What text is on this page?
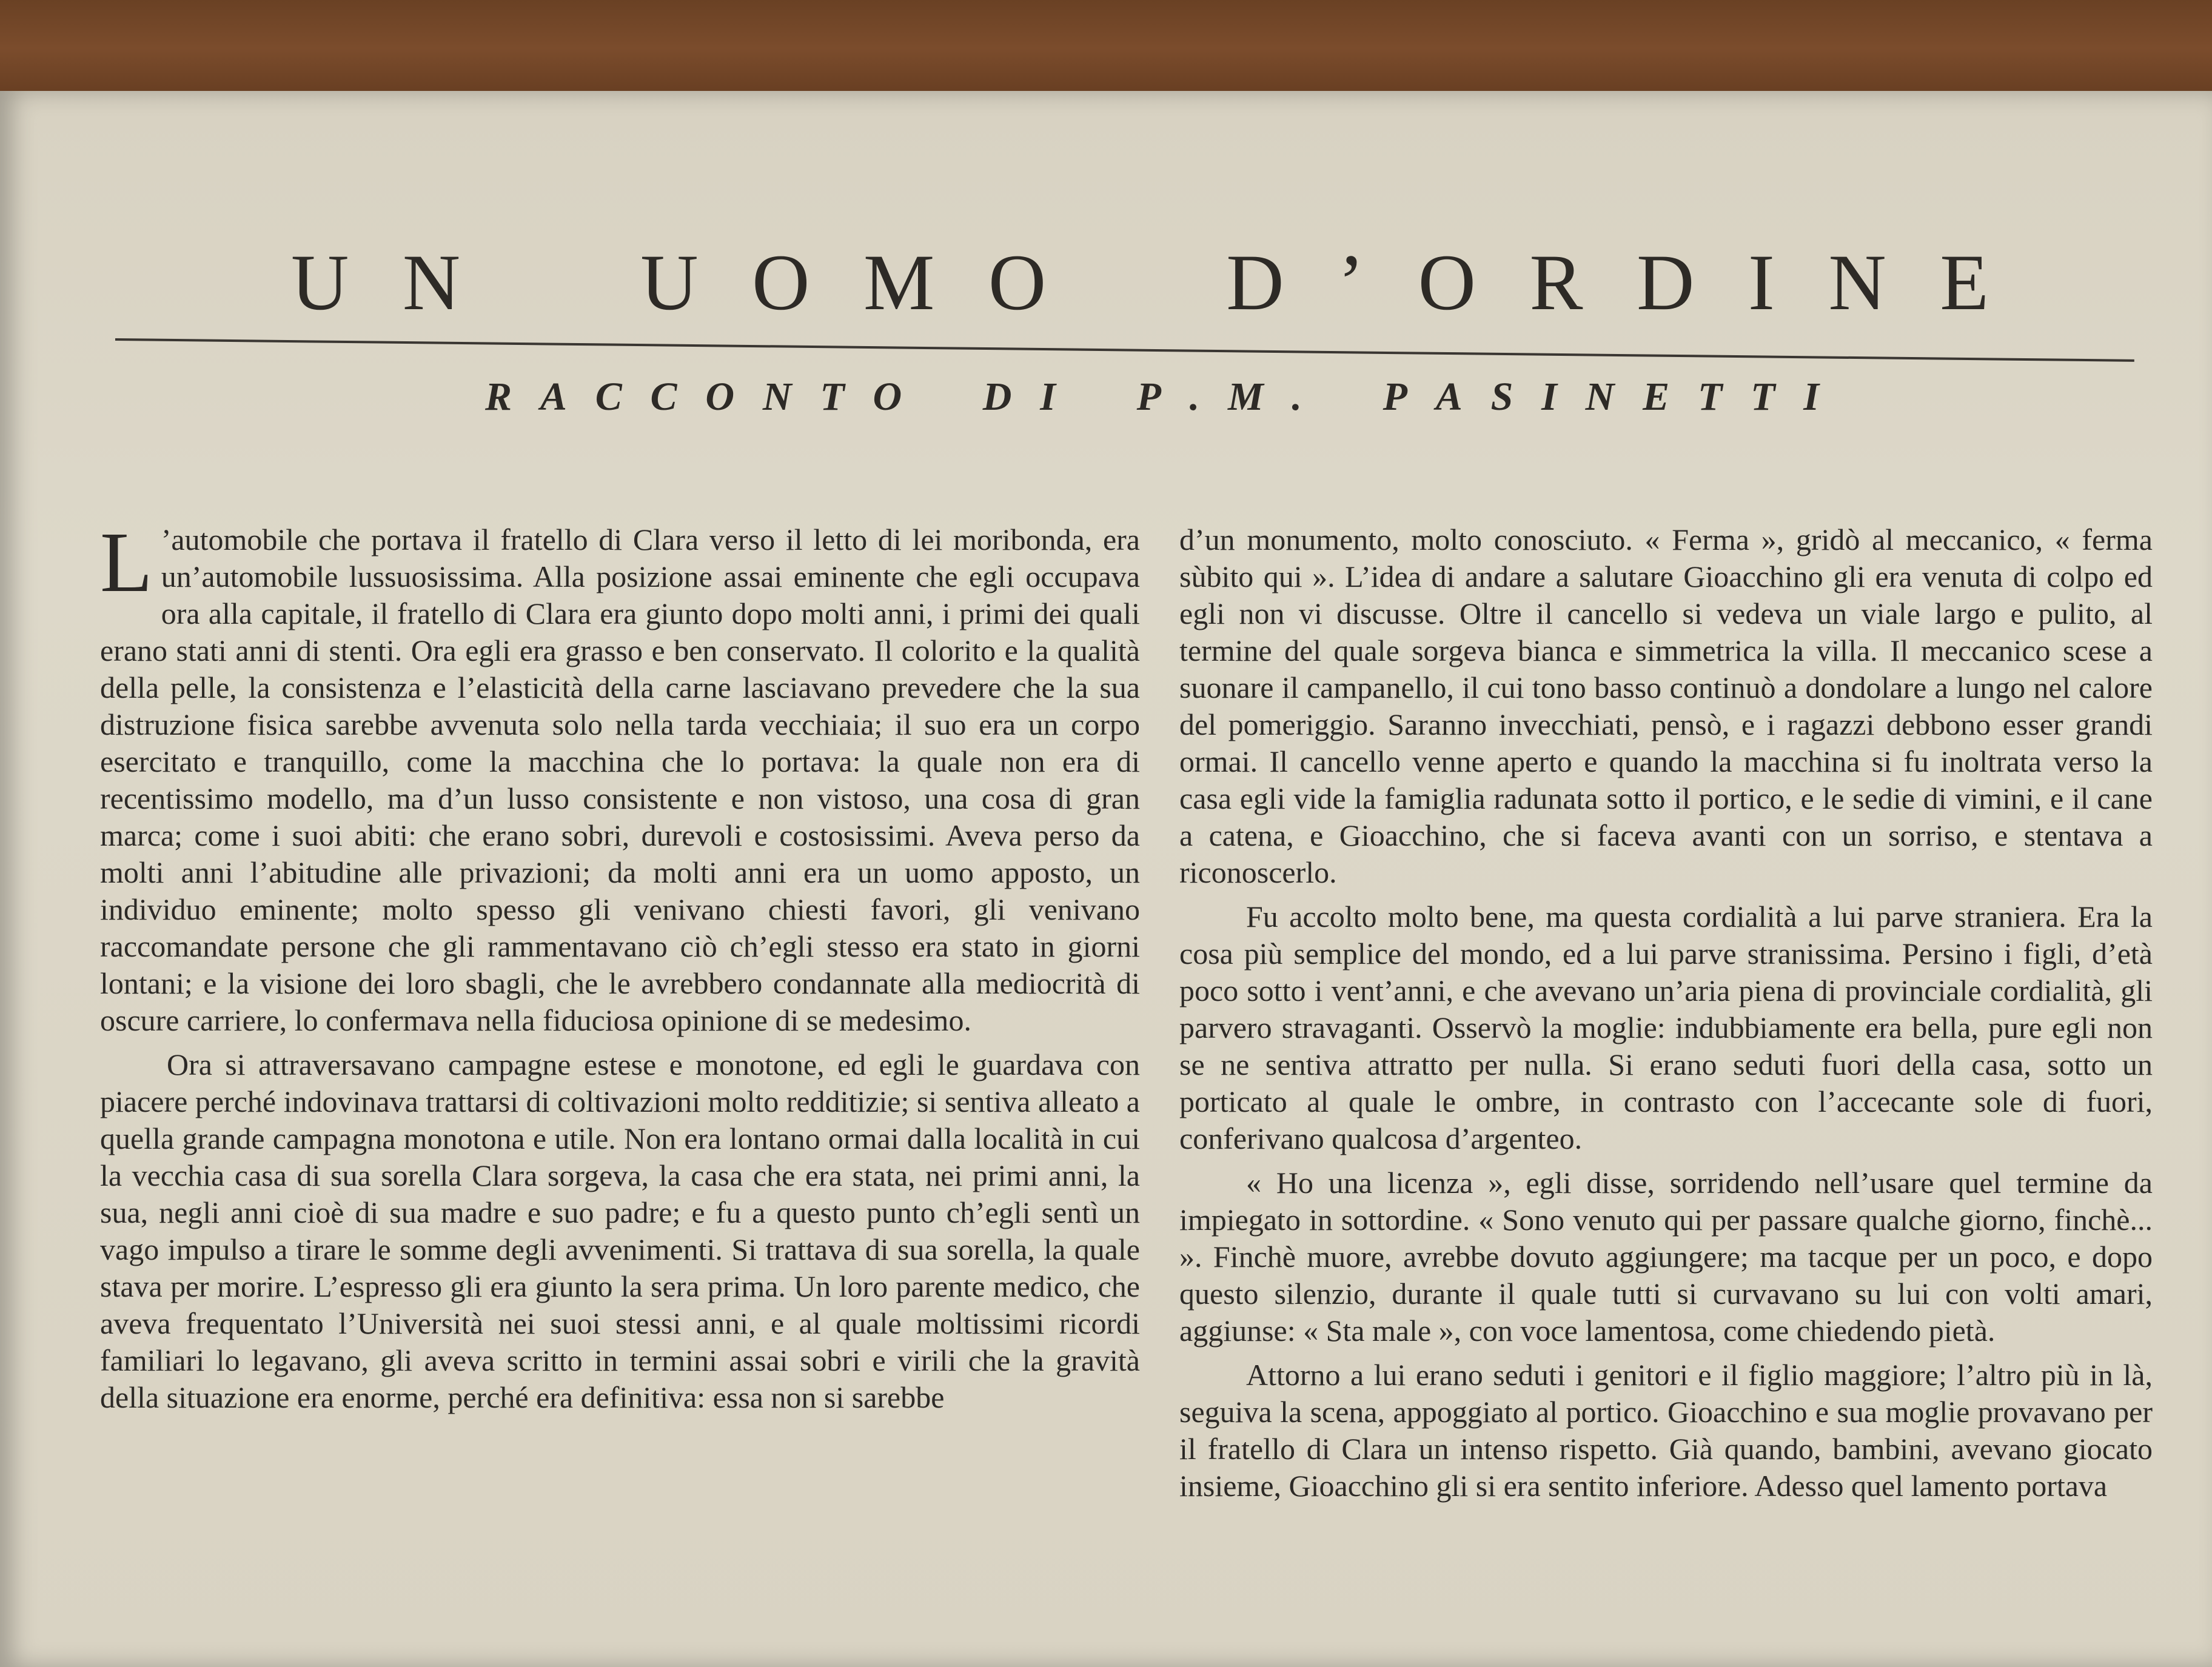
U N U O M O D ’ O R D I N E
R A C C O N T O D I P . M . P A S I N E T T I

L ’automobile che portava il fratello di Clara verso il letto di lei moribonda, era un’automobile lussuosissima. Alla posizione assai eminente che egli occupava ora alla capitale, il fratello di Clara era giunto dopo molti anni, i primi dei quali erano stati anni di stenti. Ora egli era grasso e ben conservato. Il colorito e la qualità della pelle, la consistenza e l’elasticità della carne lasciavano prevedere che la sua distruzione fisica sarebbe avvenuta solo nella tarda vecchiaia; il suo era un corpo esercitato e tranquillo, come la macchina che lo portava: la quale non era di recentissimo modello, ma d’un lusso consistente e non vistoso, una cosa di gran marca; come i suoi abiti: che erano sobri, durevoli e costosissimi. Aveva perso da molti anni l’abitudine alle privazioni; da molti anni era un uomo apposto, un individuo eminente; molto spesso gli venivano chiesti favori, gli venivano raccomandate persone che gli rammentavano ciò ch’egli stesso era stato in giorni lontani; e la visione dei loro sbagli, che le avrebbero condannate alla mediocrità di oscure carriere, lo confermava nella fiduciosa opinione di se medesimo.

Ora si attraversavano campagne estese e monotone, ed egli le guardava con piacere perché indovinava trattarsi di coltivazioni molto redditizie; si sentiva alleato a quella grande campagna monotona e utile. Non era lontano ormai dalla località in cui la vecchia casa di sua sorella Clara sorgeva, la casa che era stata, nei primi anni, la sua, negli anni cioè di sua madre e suo padre; e fu a questo punto ch’egli sentì un vago impulso a tirare le somme degli avvenimenti. Si trattava di sua sorella, la quale stava per morire. L’espresso gli era giunto la sera prima. Un loro parente medico, che aveva frequentato l’Università nei suoi stessi anni, e al quale moltissimi ricordi familiari lo legavano, gli aveva scritto in termini assai sobri e virili che la gravità della situazione era enorme, perché era definitiva: essa non si sarebbe

d’un monumento, molto conosciuto. « Ferma », gridò al meccanico, « ferma sùbito qui ». L’idea di andare a salutare Gioacchino gli era venuta di colpo ed egli non vi discusse. Oltre il cancello si vedeva un viale largo e pulito, al termine del quale sorgeva bianca e simmetrica la villa. Il meccanico scese a suonare il campanello, il cui tono basso continuò a dondolare a lungo nel calore del pomeriggio. Saranno invecchiati, pensò, e i ragazzi debbono esser grandi ormai. Il cancello venne aperto e quando la macchina si fu inoltrata verso la casa egli vide la famiglia radunata sotto il portico, e le sedie di vimini, e il cane a catena, e Gioacchino, che si faceva avanti con un sorriso, e stentava a riconoscerlo.

Fu accolto molto bene, ma questa cordialità a lui parve straniera. Era la cosa più semplice del mondo, ed a lui parve stranissima. Persino i figli, d’età poco sotto i vent’anni, e che avevano un’aria piena di provinciale cordialità, gli parvero stravaganti. Osservò la moglie: indubbiamente era bella, pure egli non se ne sentiva attratto per nulla. Si erano seduti fuori della casa, sotto un porticato al quale le ombre, in contrasto con l’accecante sole di fuori, conferivano qualcosa d’argenteo.

« Ho una licenza », egli disse, sorridendo nell’usare quel termine da impiegato in sottordine. « Sono venuto qui per passare qualche giorno, finchè... ». Finchè muore, avrebbe dovuto aggiungere; ma tacque per un poco, e dopo questo silenzio, durante il quale tutti si curvavano su lui con volti amari, aggiunse: « Sta male », con voce lamentosa, come chiedendo pietà.

Attorno a lui erano seduti i genitori e il figlio maggiore; l’altro più in là, seguiva la scena, appoggiato al portico. Gioacchino e sua moglie provavano per il fratello di Clara un intenso rispetto. Già quando, bambini, avevano giocato insieme, Gioacchino gli si era sentito inferiore. Adesso quel lamento portava
